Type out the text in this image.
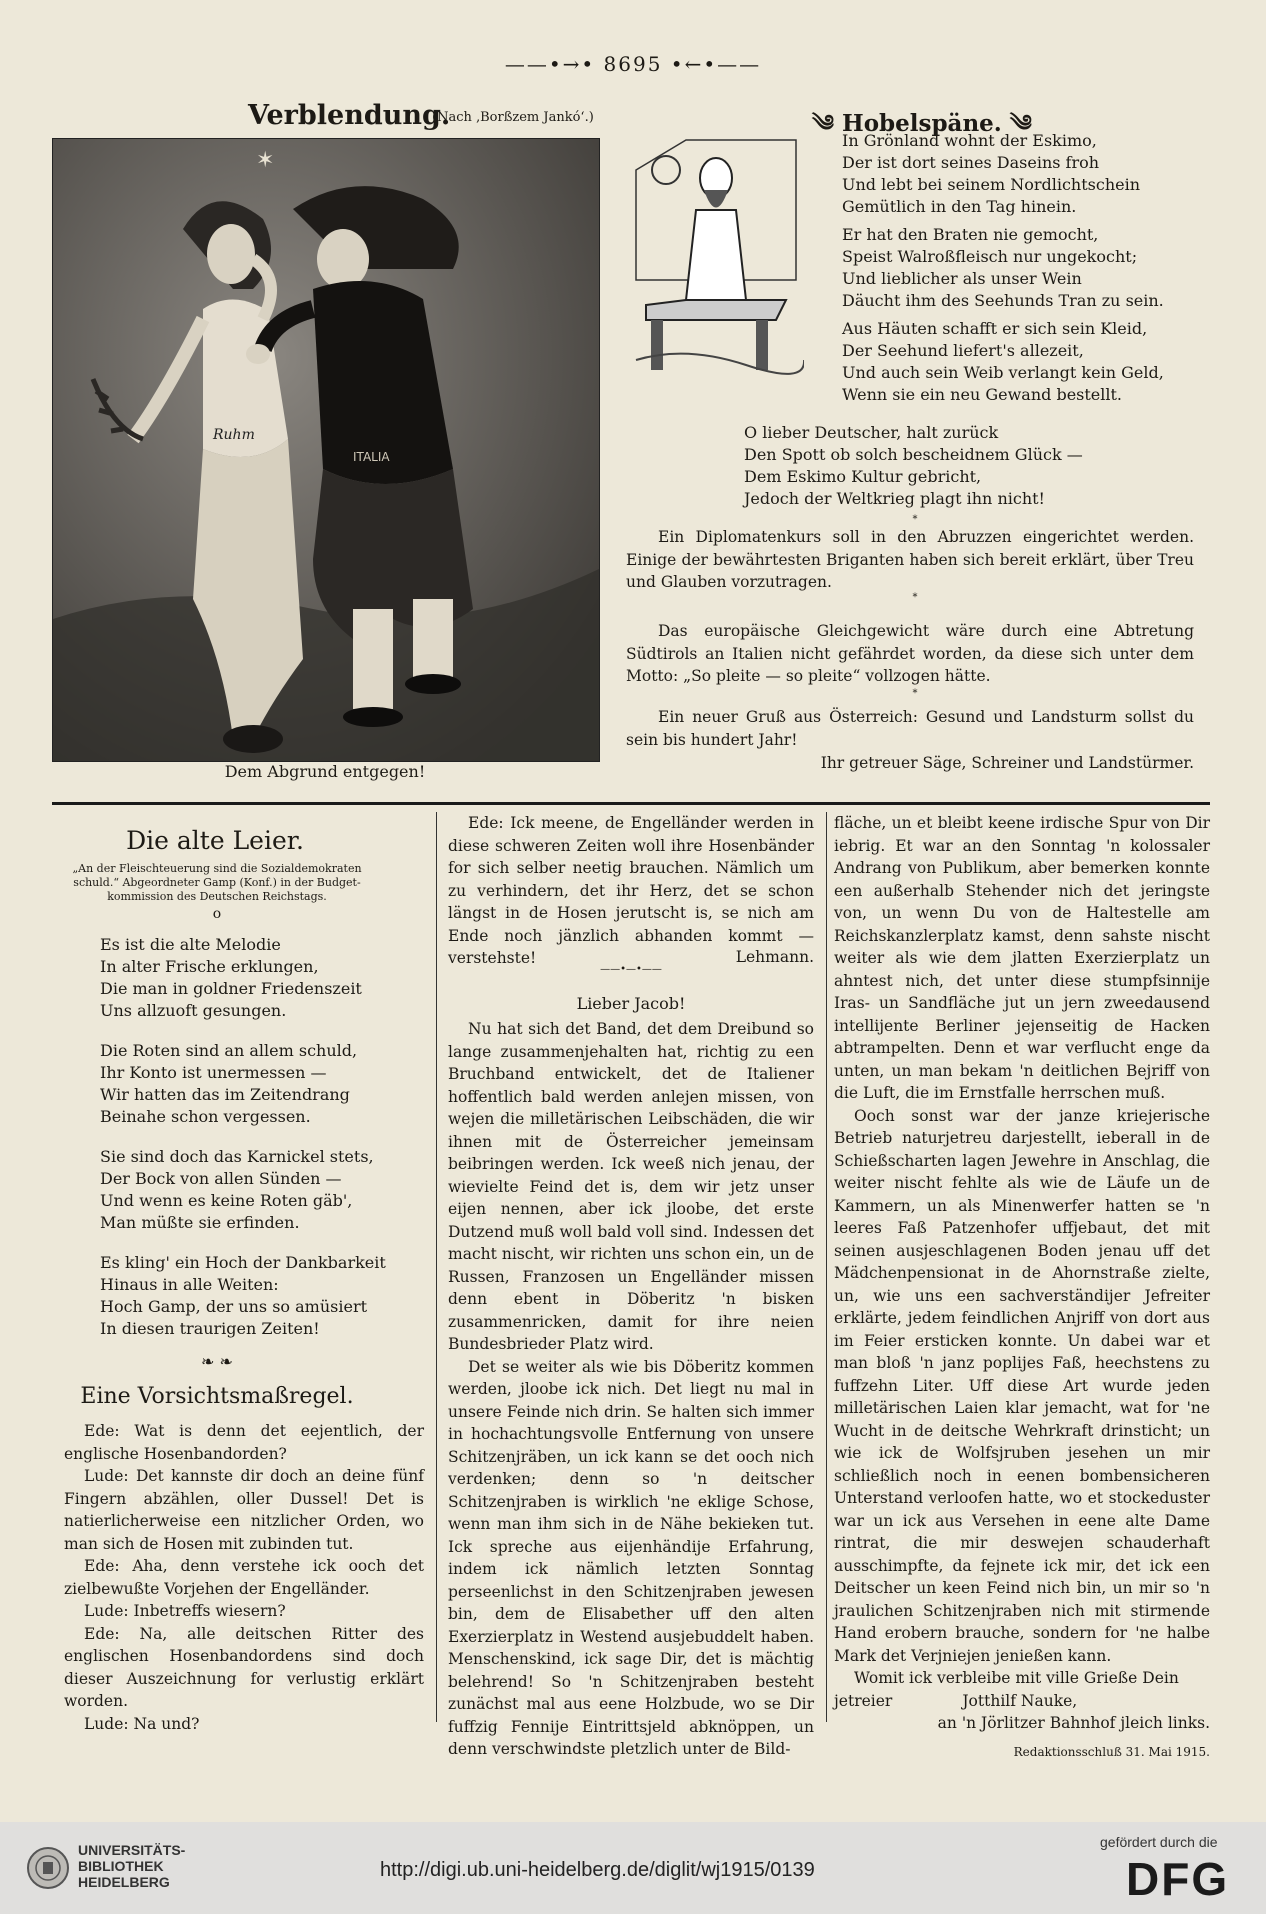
——•→• 8695 •←•——
Verblendung.
(Nach ‚Borßzem Jankó‘.)
✶
Ruhm
ITALIA
Dem Abgrund entgegen!
༄ Hobelspäne. ༄
In Grönland wohnt der Eskimo,
Der ist dort seines Daseins froh
Und lebt bei seinem Nordlichtschein
Gemütlich in den Tag hinein.
Er hat den Braten nie gemocht,
Speist Walroßfleisch nur ungekocht;
Und lieblicher als unser Wein
Däucht ihm des Seehunds Tran zu sein.
Aus Häuten schafft er sich sein Kleid,
Der Seehund liefert's allezeit,
Und auch sein Weib verlangt kein Geld,
Wenn sie ein neu Gewand bestellt.
O lieber Deutscher, halt zurück
Den Spott ob solch bescheidnem Glück —
Dem Eskimo Kultur gebricht,
Jedoch der Weltkrieg plagt ihn nicht!
*
Ein Diplomatenkurs soll in den Abruzzen eingerichtet werden. Einige der bewährtesten Briganten haben sich bereit erklärt, über Treu und Glauben vorzutragen.
*
Das europäische Gleichgewicht wäre durch eine Abtretung Südtirols an Italien nicht gefährdet worden, da diese sich unter dem Motto: „So pleite — so pleite“ vollzogen hätte.
*
Ein neuer Gruß aus Österreich: Gesund und Landsturm sollst du sein bis hundert Jahr!
Ihr getreuer Säge, Schreiner und Landstürmer.
Die alte Leier.
„An der Fleischteuerung sind die Sozialdemokraten schuld.“ Abgeordneter Gamp (Konf.) in der Budget-kommission des Deutschen Reichstags.
o
Es ist die alte Melodie
In alter Frische erklungen,
Die man in goldner Friedenszeit
Uns allzuoft gesungen.
Die Roten sind an allem schuld,
Ihr Konto ist unermessen —
Wir hatten das im Zeitendrang
Beinahe schon vergessen.
Sie sind doch das Karnickel stets,
Der Bock von allen Sünden —
Und wenn es keine Roten gäb',
Man müßte sie erfinden.
Es kling' ein Hoch der Dankbarkeit
Hinaus in alle Weiten:
Hoch Gamp, der uns so amüsiert
In diesen traurigen Zeiten!
❧ ❧
Eine Vorsichtsmaßregel.
Ede: Wat is denn det eejentlich, der englische Hosenbandorden?
Lude: Det kannste dir doch an deine fünf Fingern abzählen, oller Dussel! Det is natierlicherweise een nitzlicher Orden, wo man sich de Hosen mit zubinden tut.
Ede: Aha, denn verstehe ick ooch det zielbewußte Vorjehen der Engelländer.
Lude: Inbetreffs wiesern?
Ede: Na, alle deitschen Ritter des englischen Hosenbandordens sind doch dieser Auszeichnung for verlustig erklärt worden.
Lude: Na und?
Ede: Ick meene, de Engelländer werden in diese schweren Zeiten woll ihre Hosenbänder for sich selber neetig brauchen. Nämlich um zu verhindern, det ihr Herz, det se schon längst in de Hosen jerutscht is, se nich am Ende noch jänzlich abhanden kommt — verstehste!	Lehmann.
——•—•——
Lieber Jacob!
Nu hat sich det Band, det dem Dreibund so lange zusammenjehalten hat, richtig zu een Bruchband entwickelt, det de Italiener hoffentlich bald werden anlejen missen, von wejen die milletärischen Leibschäden, die wir ihnen mit de Österreicher jemeinsam beibringen werden. Ick weeß nich jenau, der wievielte Feind det is, dem wir jetz unser eijen nennen, aber ick jloobe, det erste Dutzend muß woll bald voll sind. Indessen det macht nischt, wir richten uns schon ein, un de Russen, Franzosen un Engelländer missen denn ebent in Döberitz 'n bisken zusammenricken, damit for ihre neien Bundesbrieder Platz wird.
Det se weiter als wie bis Döberitz kommen werden, jloobe ick nich. Det liegt nu mal in unsere Feinde nich drin. Se halten sich immer in hochachtungsvolle Entfernung von unsere Schitzenjräben, un ick kann se det ooch nich verdenken; denn so 'n deitscher Schitzenjraben is wirklich 'ne eklige Schose, wenn man ihm sich in de Nähe bekieken tut. Ick spreche aus eijenhändije Erfahrung, indem ick nämlich letzten Sonntag perseenlichst in den Schitzenjraben jewesen bin, dem de Elisabether uff den alten Exerzierplatz in Westend ausjebuddelt haben. Menschenskind, ick sage Dir, det is mächtig belehrend! So 'n Schitzenjraben besteht zunächst mal aus eene Holzbude, wo se Dir fuffzig Fennije Eintrittsjeld abknöppen, un denn verschwindste pletzlich unter de Bild-
fläche, un et bleibt keene irdische Spur von Dir iebrig. Et war an den Sonntag 'n kolossaler Andrang von Publikum, aber bemerken konnte een außerhalb Stehender nich det jeringste von, un wenn Du von de Haltestelle am Reichskanzlerplatz kamst, denn sahste nischt weiter als wie dem jlatten Exerzierplatz un ahntest nich, det unter diese stumpfsinnije Iras- un Sandfläche jut un jern zweedausend intellijente Berliner jejenseitig de Hacken abtrampelten. Denn et war verflucht enge da unten, un man bekam 'n deitlichen Bejriff von die Luft, die im Ernstfalle herrschen muß.
Ooch sonst war der janze kriejerische Betrieb naturjetreu darjestellt, ieberall in de Schießscharten lagen Jewehre in Anschlag, die weiter nischt fehlte als wie de Läufe un de Kammern, un als Minenwerfer hatten se 'n leeres Faß Patzenhofer uffjebaut, det mit seinen ausjeschlagenen Boden jenau uff det Mädchenpensionat in de Ahornstraße zielte, un, wie uns een sachverständijer Jefreiter erklärte, jedem feindlichen Anjriff von dort aus im Feier ersticken konnte. Un dabei war et man bloß 'n janz poplijes Faß, heechstens zu fuffzehn Liter. Uff diese Art wurde jeden milletärischen Laien klar jemacht, wat for 'ne Wucht in de deitsche Wehrkraft drinsticht; un wie ick de Wolfsjruben jesehen un mir schließlich noch in eenen bombensicheren Unterstand verloofen hatte, wo et stockeduster war un ick aus Versehen in eene alte Dame rintrat, die mir deswejen schauderhaft ausschimpfte, da fejnete ick mir, det ick een Deitscher un keen Feind nich bin, un mir so 'n jraulichen Schitzenjraben nich mit stirmende Hand erobern brauche, sondern for 'ne halbe Mark det Verjniejen jenießen kann.
Womit ick verbleibe mit ville Grieße Dein
jetreier	Jotthilf Nauke,
an 'n Jörlitzer Bahnhof jleich links.
Redaktionsschluß 31. Mai 1915.
UNIVERSITÄTS-
BIBLIOTHEK
HEIDELBERG
http://digi.ub.uni-heidelberg.de/diglit/wj1915/0139
gefördert durch die
DFG
